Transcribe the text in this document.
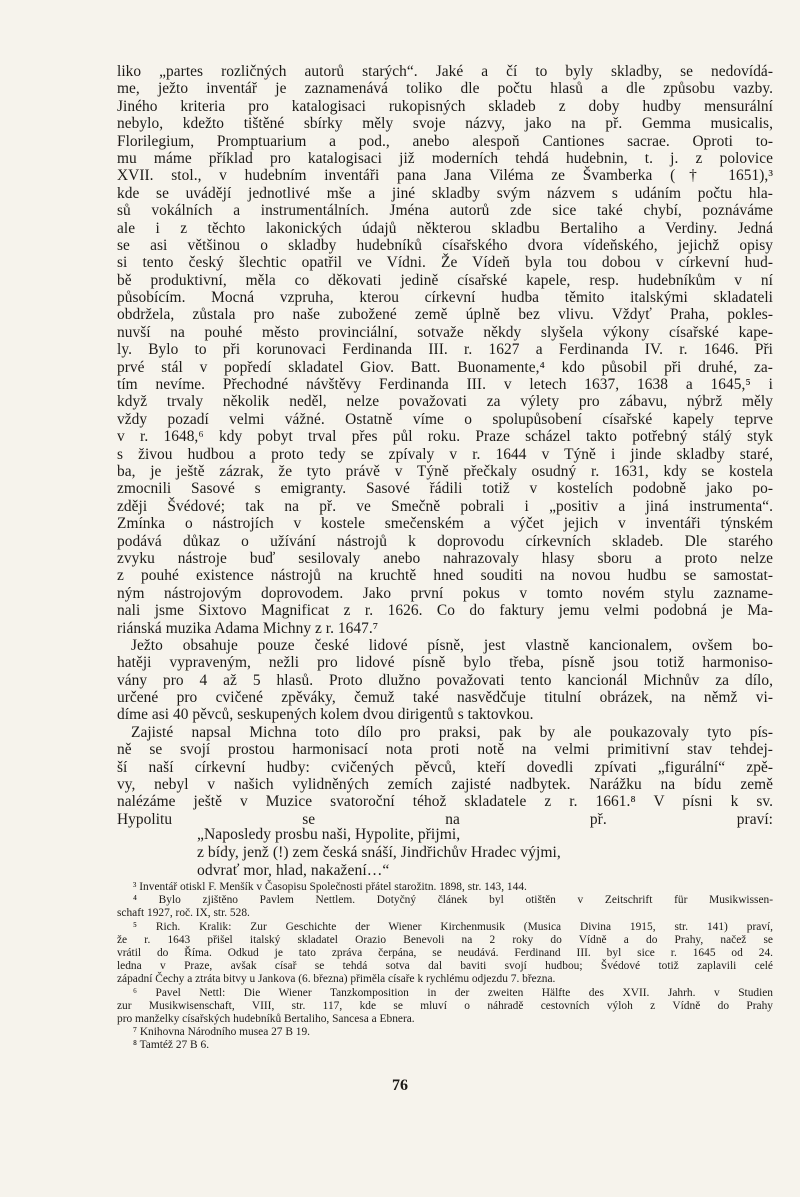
liko „partes rozličných autorů starých“. Jaké a čí to byly skladby, se nedovídá-
me, ježto inventář je zaznamenává toliko dle počtu hlasů a dle způsobu vazby.
Jiného kriteria pro katalogisaci rukopisných skladeb z doby hudby mensurální
nebylo, kdežto tištěné sbírky měly svoje názvy, jako na př. Gemma musicalis,
Florilegium, Promptuarium a pod., anebo alespoň Cantiones sacrae. Oproti to-
mu máme příklad pro katalogisaci již moderních tehdá hudebnin, t. j. z polovice
XVII. stol., v hudebním inventáři pana Jana Viléma ze Švamberka († 1651),³
kde se uvádějí jednotlivé mše a jiné skladby svým názvem s udáním počtu hla-
sů vokálních a instrumentálních. Jména autorů zde sice také chybí, poznáváme
ale i z těchto lakonických údajů některou skladbu Bertaliho a Verdiny. Jedná
se asi většinou o skladby hudebníků císařského dvora vídeňského, jejichž opisy
si tento český šlechtic opatřil ve Vídni. Že Vídeň byla tou dobou v církevní hud-
bě produktivní, měla co děkovati jedině císařské kapele, resp. hudebníkům v ní
působícím. Mocná vzpruha, kterou církevní hudba těmito italskými skladateli
obdržela, zůstala pro naše zubožené země úplně bez vlivu. Vždyť Praha, pokles-
nuvší na pouhé město provinciální, sotvaže někdy slyšela výkony císařské kape-
ly. Bylo to při korunovaci Ferdinanda III. r. 1627 a Ferdinanda IV. r. 1646. Při
prvé stál v popředí skladatel Giov. Batt. Buonamente,⁴ kdo působil při druhé, za-
tím nevíme. Přechodné návštěvy Ferdinanda III. v letech 1637, 1638 a 1645,⁵ i
když trvaly několik neděl, nelze považovati za výlety pro zábavu, nýbrž měly
vždy pozadí velmi vážné. Ostatně víme o spolupůsobení císařské kapely teprve
v r. 1648,⁶ kdy pobyt trval přes půl roku. Praze scházel takto potřebný stálý styk
s živou hudbou a proto tedy se zpívaly v r. 1644 v Týně i jinde skladby staré,
ba, je ještě zázrak, že tyto právě v Týně přečkaly osudný r. 1631, kdy se kostela
zmocnili Sasové s emigranty. Sasové řádili totiž v kostelích podobně jako po-
zději Švédové; tak na př. ve Smečně pobrali i „positiv a jiná instrumenta“.
Zmínka o nástrojích v kostele smečenském a výčet jejich v inventáři týnském
podává důkaz o užívání nástrojů k doprovodu církevních skladeb. Dle starého
zvyku nástroje buď sesilovaly anebo nahrazovaly hlasy sboru a proto nelze
z pouhé existence nástrojů na kruchtě hned souditi na novou hudbu se samostat-
ným nástrojovým doprovodem. Jako první pokus v tomto novém stylu zazname-
nali jsme Sixtovo Magnificat z r. 1626. Co do faktury jemu velmi podobná je Ma-
riánská muzika Adama Michny z r. 1647.⁷
Ježto obsahuje pouze české lidové písně, jest vlastně kancionalem, ovšem bo-
hatěji vypraveným, nežli pro lidové písně bylo třeba, písně jsou totiž harmoniso-
vány pro 4 až 5 hlasů. Proto dlužno považovati tento kancionál Michnův za dílo,
určené pro cvičené zpěváky, čemuž také nasvědčuje titulní obrázek, na němž vi-
díme asi 40 pěvců, seskupených kolem dvou dirigentů s taktovkou.
Zajisté napsal Michna toto dílo pro praksi, pak by ale poukazovaly tyto pís-
ně se svojí prostou harmonisací nota proti notě na velmi primitivní stav tehdej-
ší naší církevní hudby: cvičených pěvců, kteří dovedli zpívati „figurální“ zpě-
vy, nebyl v našich vylidněných zemích zajisté nadbytek. Narážku na bídu země
nalézáme ještě v Muzice svatoroční téhož skladatele z r. 1661.⁸ V písni k sv.
Hypolitu se na př. praví:
„Naposledy prosbu naši, Hypolite, přijmi,
z bídy, jenž (!) zem česká snáší, Jindřichův Hradec výjmi,
odvrať mor, hlad, nakažení…“
³ Inventář otiskl F. Menšík v Časopisu Společnosti přátel starožitn. 1898, str. 143, 144.
⁴ Bylo zjištěno Pavlem Nettlem. Dotyčný článek byl otištěn v Zeitschrift für Musikwissen-
schaft 1927, roč. IX, str. 528.
⁵ Rich. Kralik: Zur Geschichte der Wiener Kirchenmusik (Musica Divina 1915, str. 141) praví,
že r. 1643 přišel italský skladatel Orazio Benevoli na 2 roky do Vídně a do Prahy, načež se
vrátil do Říma. Odkud je tato zpráva čerpána, se neudává. Ferdinand III. byl sice r. 1645 od 24.
ledna v Praze, avšak císař se tehdá sotva dal baviti svojí hudbou; Švédové totiž zaplavili celé
západní Čechy a ztráta bitvy u Jankova (6. března) přiměla císaře k rychlému odjezdu 7. března.
⁶ Pavel Nettl: Die Wiener Tanzkomposition in der zweiten Hälfte des XVII. Jahrh. v Studien
zur Musikwisenschaft, VIII, str. 117, kde se mluví o náhradě cestovních výloh z Vídně do Prahy
pro manželky císařských hudebníků Bertaliho, Sancesa a Ebnera.
⁷ Knihovna Národního musea 27 B 19.
⁸ Tamtéž 27 B 6.
76
